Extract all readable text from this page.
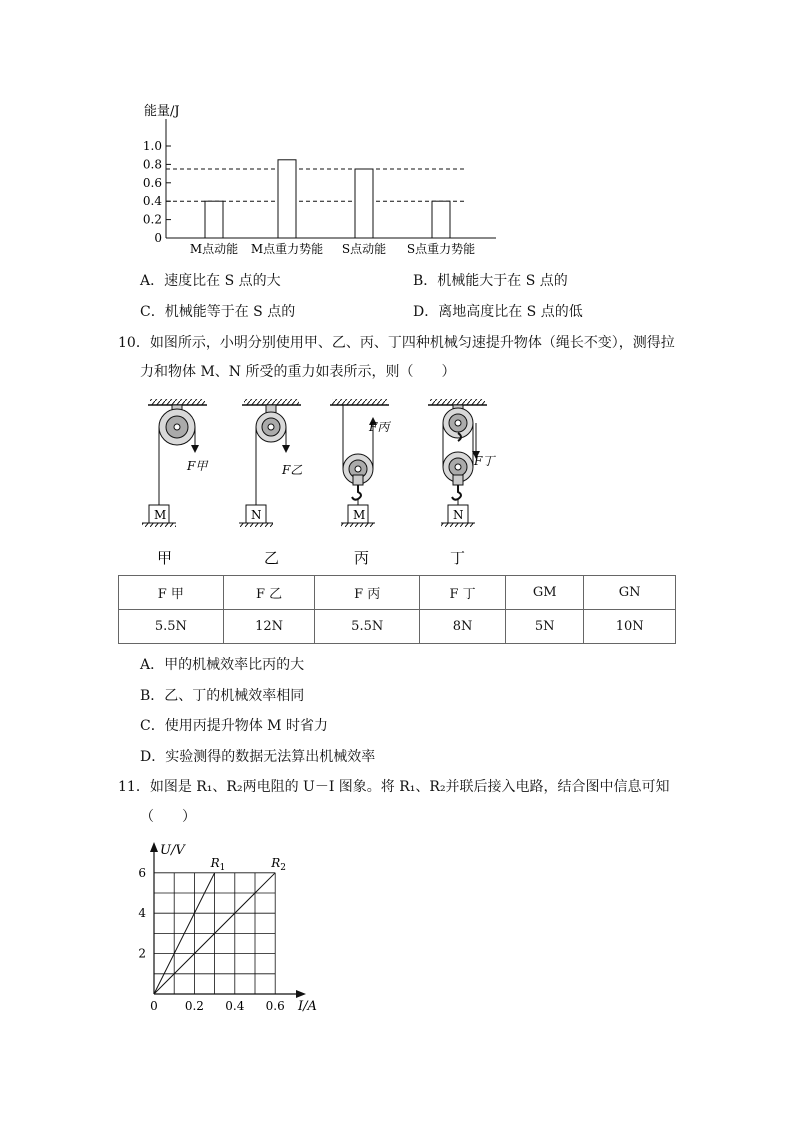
能量/J
1.0
0.8
0.6
0.4
0.2
0
M点动能 M点重力势能 S点动能 S点重力势能
A．速度比在 S 点的大	B．机械能大于在 S 点的
C．机械能等于在 S 点的	D．离地高度比在 S 点的低
10．如图所示，小明分别使用甲、乙、丙、丁四种机械匀速提升物体（绳长不变），测得拉
力和物体 M、N 所受的重力如表所示，则（　　）
F甲
M
甲
F乙
N
乙
F丙
M
丙
F丁
N
丁
F 甲	F 乙	F 丙	F 丁	GM	GN
5.5N	12N	5.5N	8N	5N	10N
A．甲的机械效率比丙的大
B．乙、丁的机械效率相同
C．使用丙提升物体 M 时省力
D．实验测得的数据无法算出机械效率
11．如图是 R₁、R₂两电阻的 U－I 图象。将 R₁、R₂并联后接入电路，结合图中信息可知
（　　）
U/V
I/A
6
4
2
0 0.2 0.4 0.6
$R_1$	$R_2$
